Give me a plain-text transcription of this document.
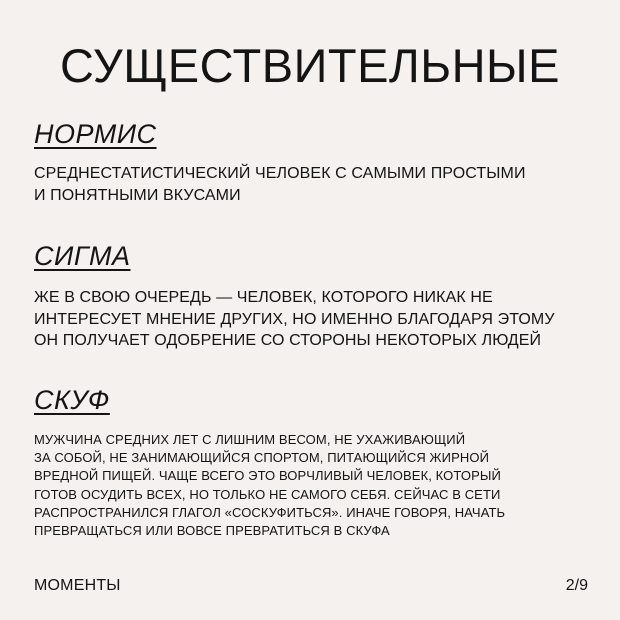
СУЩЕСТВИТЕЛЬНЫЕ
НОРМИС

СРЕДНЕСТАТИСТИЧЕСКИЙ ЧЕЛОВЕК С САМЫМИ ПРОСТЫМИ
И ПОНЯТНЫМИ ВКУСАМИ

СИГМА

ЖЕ В СВОЮ ОЧЕРЕДЬ — ЧЕЛОВЕК, КОТОРОГО НИКАК НЕ
ИНТЕРЕСУЕТ МНЕНИЕ ДРУГИХ, НО ИМЕННО БЛАГОДАРЯ ЭТОМУ
ОН ПОЛУЧАЕТ ОДОБРЕНИЕ СО СТОРОНЫ НЕКОТОРЫХ ЛЮДЕЙ

СКУФ

МУЖЧИНА СРЕДНИХ ЛЕТ С ЛИШНИМ ВЕСОМ, НЕ УХАЖИВАЮЩИЙ
ЗА СОБОЙ, НЕ ЗАНИМАЮЩИЙСЯ СПОРТОМ, ПИТАЮЩИЙСЯ ЖИРНОЙ
ВРЕДНОЙ ПИЩЕЙ. ЧАЩЕ ВСЕГО ЭТО ВОРЧЛИВЫЙ ЧЕЛОВЕК, КОТОРЫЙ
ГОТОВ ОСУДИТЬ ВСЕХ, НО ТОЛЬКО НЕ САМОГО СЕБЯ. СЕЙЧАС В СЕТИ
РАСПРОСТРАНИЛСЯ ГЛАГОЛ «СОСКУФИТЬСЯ». ИНАЧЕ ГОВОРЯ, НАЧАТЬ
ПРЕВРАЩАТЬСЯ ИЛИ ВОВСЕ ПРЕВРАТИТЬСЯ В СКУФА

МОМЕНТЫ	2/9
